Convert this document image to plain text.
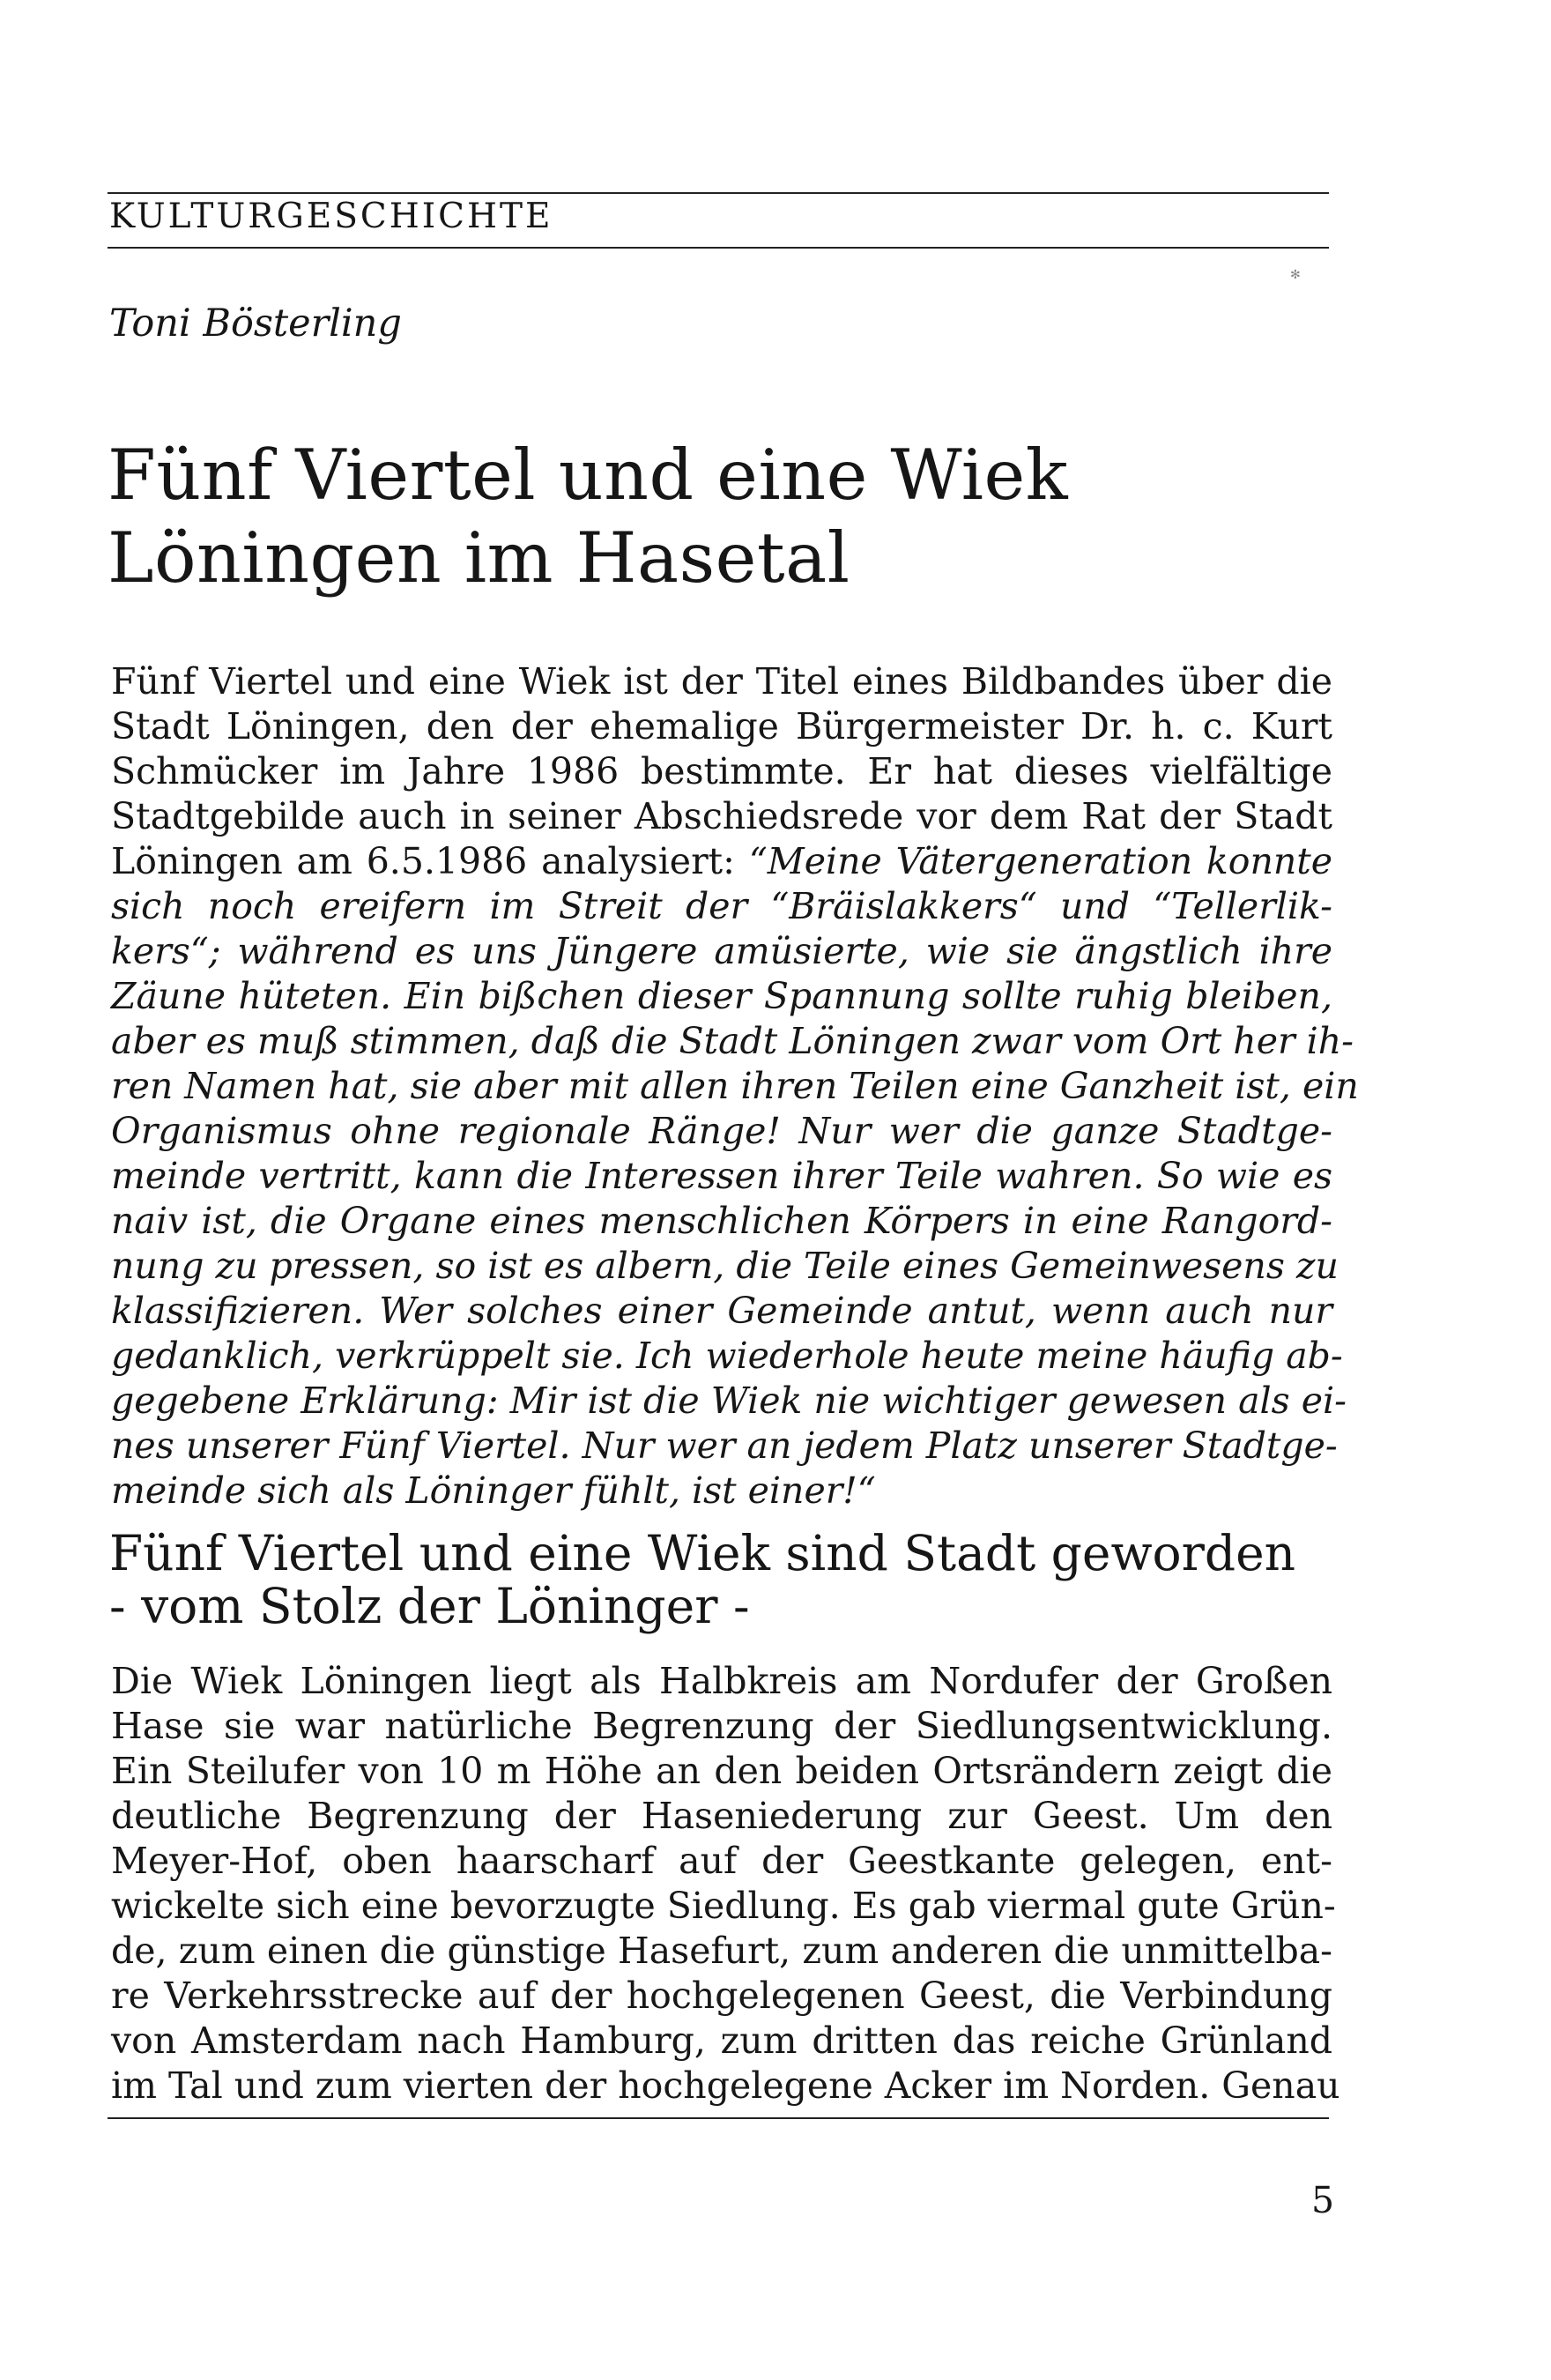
KULTURGESCHICHTE
✻

Toni Bösterling

Fünf Viertel und eine Wiek
Löningen im Hasetal
Fünf Viertel und eine Wiek ist der Titel eines Bildbandes über die
Stadt Löningen, den der ehemalige Bürgermeister Dr. h. c. Kurt
Schmücker im Jahre 1986 bestimmte. Er hat dieses vielfältige
Stadtgebilde auch in seiner Abschiedsrede vor dem Rat der Stadt
Löningen am 6.5.1986 analysiert: “Meine Vätergeneration konnte
sich noch ereifern im Streit der “Bräislakkers“ und “Tellerlik-
kers“; während es uns Jüngere amüsierte, wie sie ängstlich ihre
Zäune hüteten. Ein bißchen dieser Spannung sollte ruhig bleiben,
aber es muß stimmen, daß die Stadt Löningen zwar vom Ort her ih-
ren Namen hat, sie aber mit allen ihren Teilen eine Ganzheit ist, ein
Organismus ohne regionale Ränge! Nur wer die ganze Stadtge-
meinde vertritt, kann die Interessen ihrer Teile wahren. So wie es
naiv ist, die Organe eines menschlichen Körpers in eine Rangord-
nung zu pressen, so ist es albern, die Teile eines Gemeinwesens zu
klassifizieren. Wer solches einer Gemeinde antut, wenn auch nur
gedanklich, verkrüppelt sie. Ich wiederhole heute meine häufig ab-
gegebene Erklärung: Mir ist die Wiek nie wichtiger gewesen als ei-
nes unserer Fünf Viertel. Nur wer an jedem Platz unserer Stadtge-
meinde sich als Löninger fühlt, ist einer!“
Fünf Viertel und eine Wiek sind Stadt geworden
- vom Stolz der Löninger -
Die Wiek Löningen liegt als Halbkreis am Nordufer der Großen
Hase sie war natürliche Begrenzung der Siedlungsentwicklung.
Ein Steilufer von 10 m Höhe an den beiden Ortsrändern zeigt die
deutliche Begrenzung der Haseniederung zur Geest. Um den
Meyer-Hof, oben haarscharf auf der Geestkante gelegen, ent-
wickelte sich eine bevorzugte Siedlung. Es gab viermal gute Grün-
de, zum einen die günstige Hasefurt, zum anderen die unmittelba-
re Verkehrsstrecke auf der hochgelegenen Geest, die Verbindung
von Amsterdam nach Hamburg, zum dritten das reiche Grünland
im Tal und zum vierten der hochgelegene Acker im Norden. Genau

5
